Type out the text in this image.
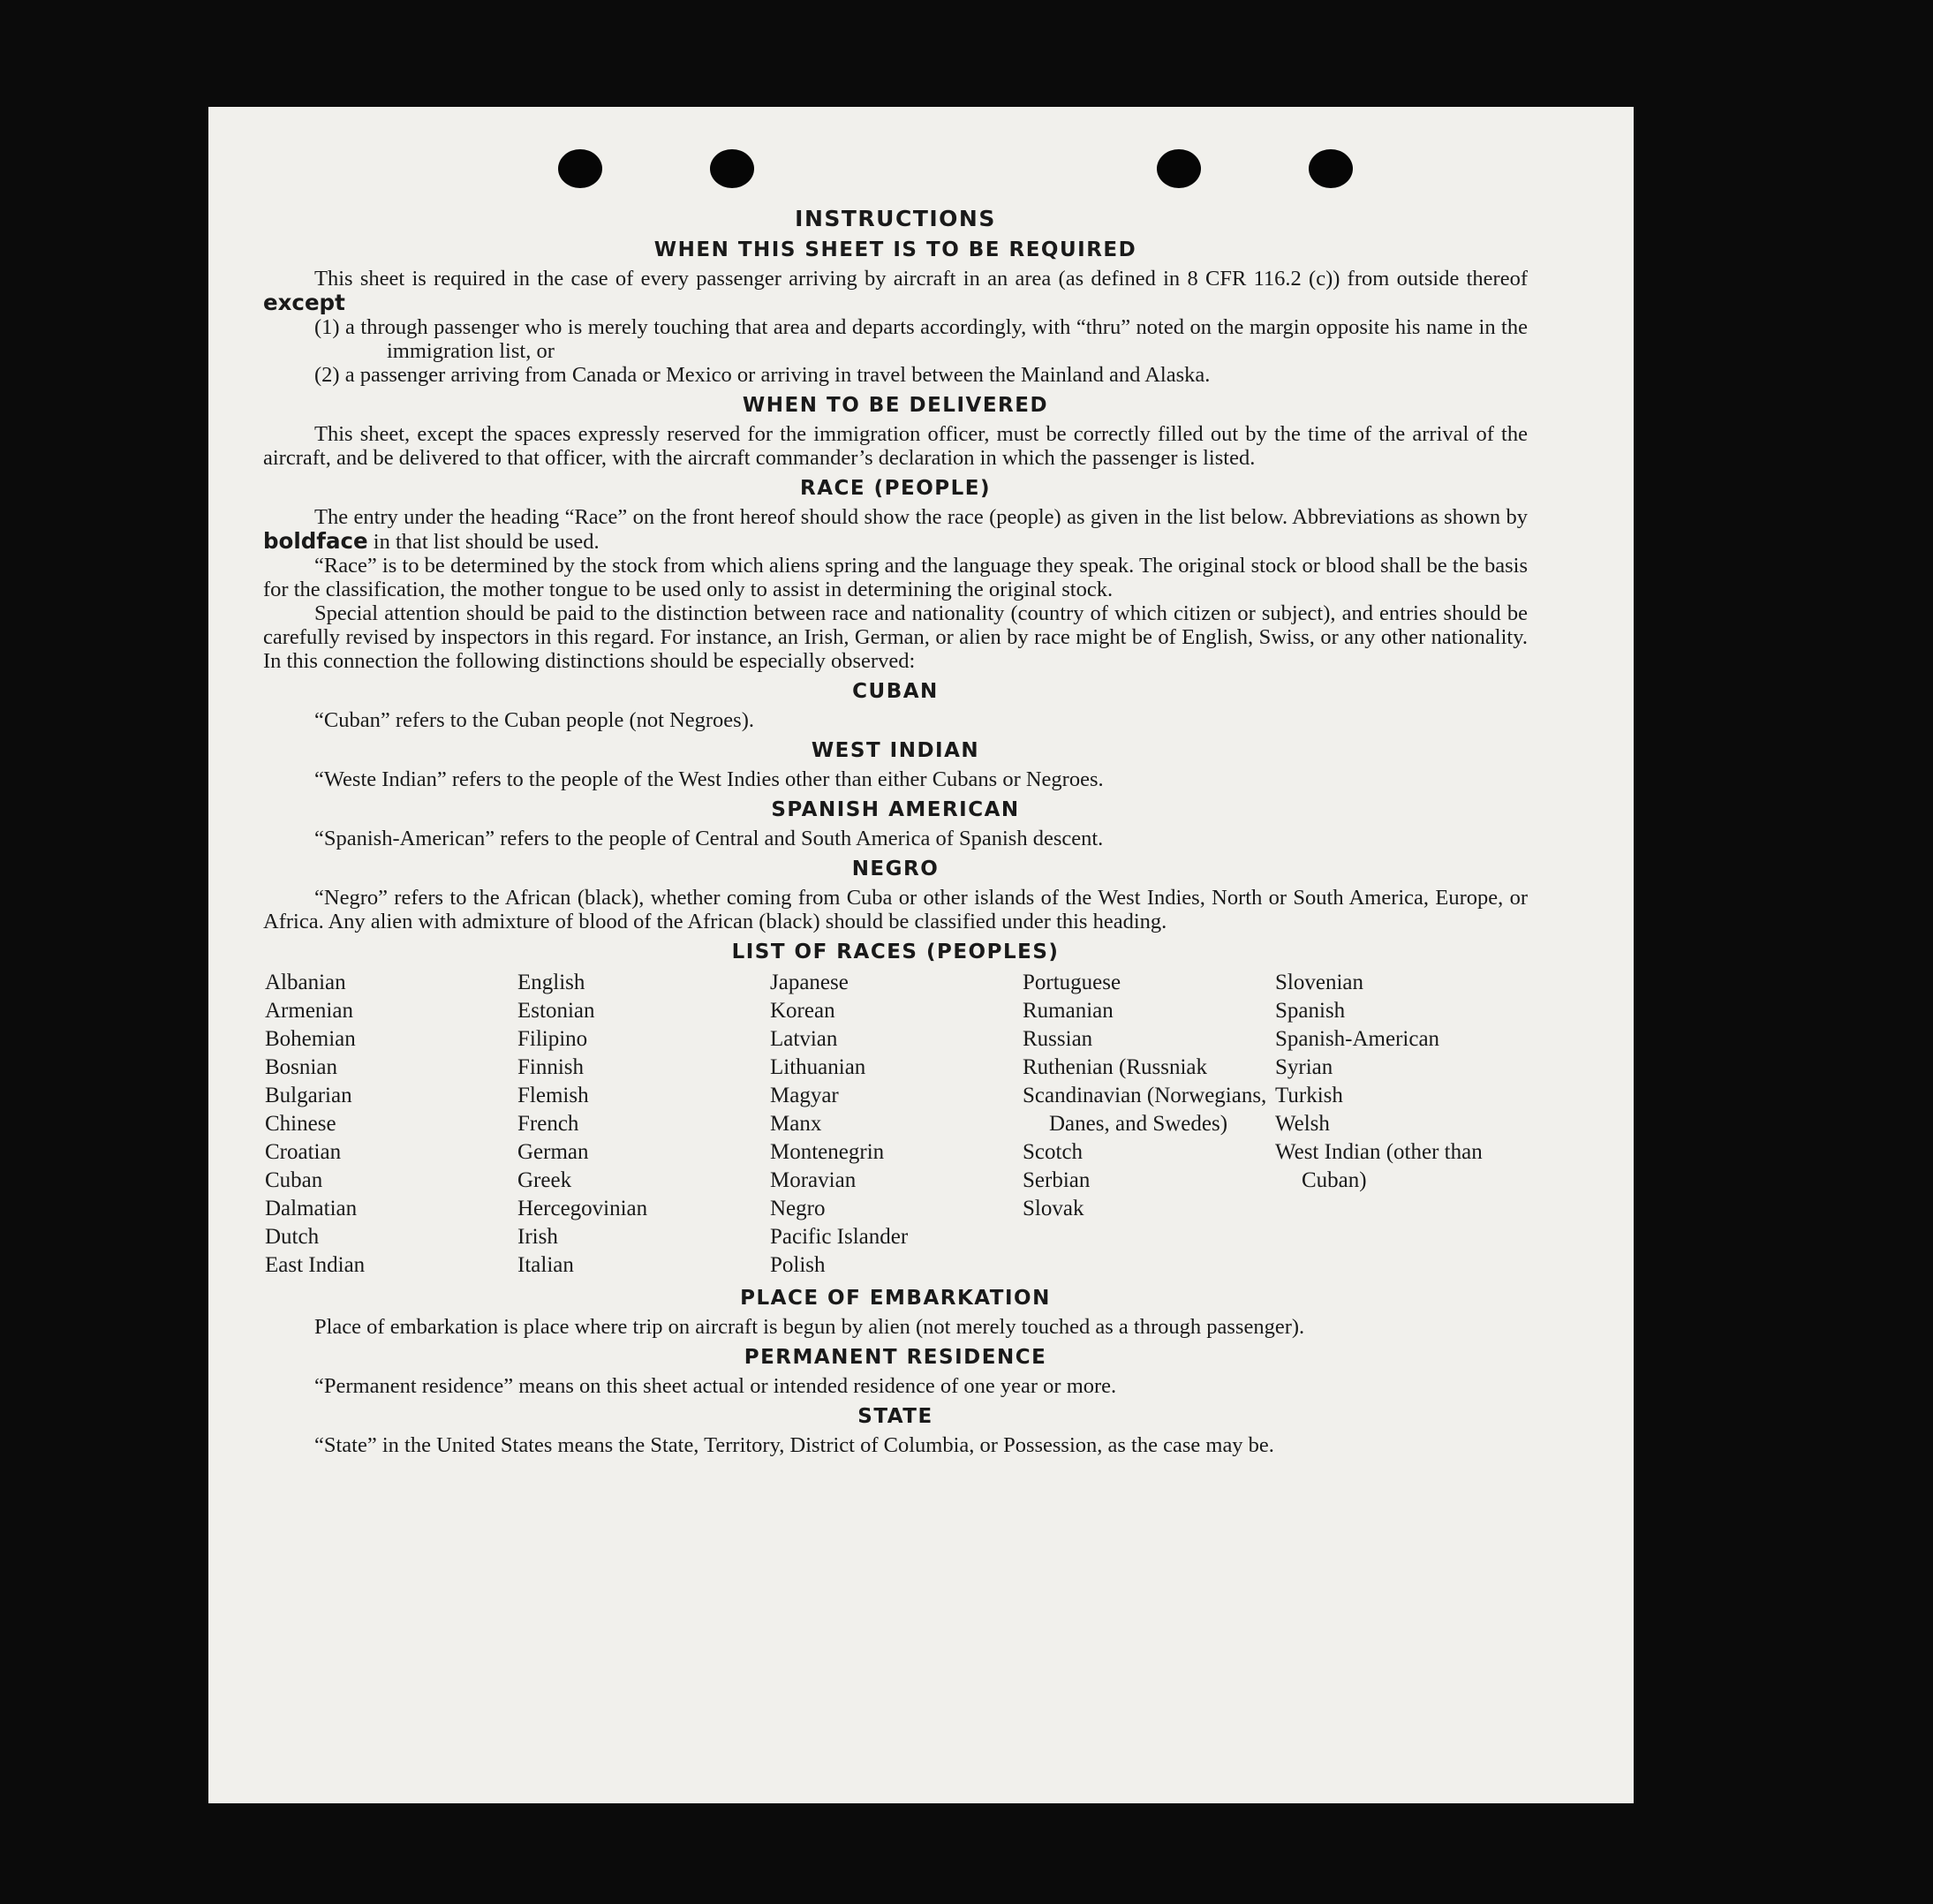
INSTRUCTIONS
WHEN THIS SHEET IS TO BE REQUIRED

This sheet is required in the case of every passenger arriving by aircraft in an area (as defined in 8 CFR 116.2 (c)) from outside thereof except

(1) a through passenger who is merely touching that area and departs accordingly, with “thru” noted on the margin opposite his name in the immigration list, or
(2) a passenger arriving from Canada or Mexico or arriving in travel between the Mainland and Alaska.
WHEN TO BE DELIVERED

This sheet, except the spaces expressly reserved for the immigration officer, must be correctly filled out by the time of the arrival of the aircraft, and be delivered to that officer, with the aircraft commander’s declaration in which the passenger is listed.

RACE (PEOPLE)

The entry under the heading “Race” on the front hereof should show the race (people) as given in the list below. Abbreviations as shown by boldface in that list should be used.

“Race” is to be determined by the stock from which aliens spring and the language they speak. The original stock or blood shall be the basis for the classification, the mother tongue to be used only to assist in determining the original stock.

Special attention should be paid to the distinction between race and nationality (country of which citizen or subject), and entries should be carefully revised by inspectors in this regard. For instance, an Irish, German, or alien by race might be of English, Swiss, or any other nationality. In this connection the following distinctions should be especially observed:

CUBAN

“Cuban” refers to the Cuban people (not Negroes).

WEST INDIAN

“Weste Indian” refers to the people of the West Indies other than either Cubans or Negroes.

SPANISH AMERICAN

“Spanish-American” refers to the people of Central and South America of Spanish descent.

NEGRO

“Negro” refers to the African (black), whether coming from Cuba or other islands of the West Indies, North or South America, Europe, or Africa. Any alien with admixture of blood of the African (black) should be classified under this heading.

LIST OF RACES (PEOPLES)
Albanian
Armenian
Bohemian
Bosnian
Bulgarian
Chinese
Croatian
Cuban
Dalmatian
Dutch
East Indian
English
Estonian
Filipino
Finnish
Flemish
French
German
Greek
Hercegovinian
Irish
Italian
Japanese
Korean
Latvian
Lithuanian
Magyar
Manx
Montenegrin
Moravian
Negro
Pacific Islander
Polish
Portuguese
Rumanian
Russian
Ruthenian (Russniak
Scandinavian (Norwegians, Danes, and Swedes)
Scotch
Serbian
Slovak
Slovenian
Spanish
Spanish-American
Syrian
Turkish
Welsh
West Indian (other than Cuban)
PLACE OF EMBARKATION

Place of embarkation is place where trip on aircraft is begun by alien (not merely touched as a through passenger).

PERMANENT RESIDENCE

“Permanent residence” means on this sheet actual or intended residence of one year or more.

STATE

“State” in the United States means the State, Territory, District of Columbia, or Possession, as the case may be.
